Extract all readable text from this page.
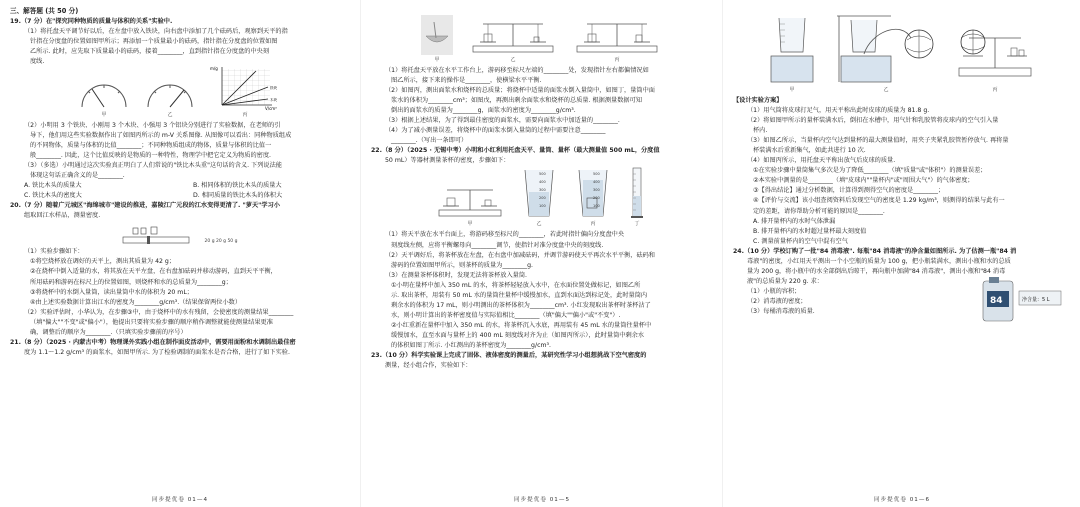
三、解答题 (共 50 分)
19.（7 分）在"探究同种物质的质量与体积的关系"实验中.
（1）将托盘天平调节好以后，在左盘中放入铁块，向右盘中添加了几个砝码后，观察到天平的指
针指在分度盘的位置如图甲所示；再添加一个质量最小的砝码，指针指在分度盘的位置如图
乙所示. 此时，应先取下质量最小的砝码，接着________，直到指针指在分度盘的中央刻
度线.
甲	乙
m/g
V/cm³
铁块
木块
丙
（2）小明用 3 个铁块、小刚用 3 个木块、小强用 3 个铝块分别进行了实验数据，在老师的引
导下，他们用这些实验数据作出了如图丙所示的 m-V 关系图像. 从图像可以看出：同种物质组成
的不同物体，质量与体积的比值________；不同种物质组成的物体，质量与体积的比值一
般________. 因此，这个比值反映的是物质的一种特性，物理学中把它定义为物质的密度.
（3）（多选）小明通过这次实验真正明白了人们常说的"铁比木头重"这句话的含义. 下列说法能
体现这句话正确含义的是________.
A. 铁比木头的质量大	B. 相同体积的铁比木头的质量大
C. 铁比木头的密度大	D. 相同质量的铁比木头的体积大
20.（7 分）随着广元城区"海绵城市"建设的推进，嘉陵江广元段的江水变得更清了. "萝天"学习小
组取回江水样品，测量密度.
20 g 20 g 50 g
（1）实验步骤如下：
①将空烧杯放在调好的天平上，测出其质量为 42 g；
②在烧杯中倒入适量的水，将其放在天平左盘，在右盘加砝码并移动游码，直到天平平衡，
所用砝码和游码在标尺上的位置如图，则烧杯和水的总质量为________g；
③将烧杯中的水倒入量筒，读出量筒中水的体积为 20 mL；
④由上述实验数据计算出江水的密度为________g/cm³.（结果保留两位小数）
（2）实验评估时，小华认为，在步骤③中，由于烧杯中的水有残留，会使密度的测量结果________
（填"偏大""不变"或"偏小"），他提出只要将实验步骤的顺序稍作调整就能使测量结果更准
确，调整后的顺序为________.（只填实验步骤前的序号）
21.（8 分）（2025 · 内蒙古中考）物理课外实践小组在制作面皮活动中，需要用面粉和水调制出最佳密
度为 1.1～1.2 g/cm³ 的面浆水，如图甲所示. 为了检验调制的面浆水是否合格，进行了如下实验.
同步提优卷 01—4
甲	乙	丙
（1）将托盘天平放在水平工作台上，游码移至标尺左端的________处，发现指针左右都偏情况如
图乙所示，接下来的操作是________，使横梁水平平衡.
（2）如图丙，测出面浆水和烧杯的总质量；将烧杯中适量的面浆水倒入量筒中，如图丁，量筒中面
浆水的体积为________cm³；如图戊，再测出剩余面浆水和烧杯的总质量. 根据测量数据可知
倒出的面浆水的质量为________g，面浆水的密度为________g/cm³.
（3）根据上述结果，为了得到最佳密度的面浆水，需要向面浆水中加适量的________.
（4）为了减小测量误差，将烧杯中的面浆水倒入量筒的过程中需要注意________
________.（写出一条即可）
22.（8 分）（2025 · 无锡中考）小明和小红利用托盘天平、量筒、量杯（最大测量值 500 mL，分度值
50 mL）等器材测量茶杯的密度，步骤如下：
甲
500
400
300
200
100
乙
500
400
300
200
100
丙	丁
（1）将天平放在水平台面上，将游码移至标尺的________，若此时指针偏向分度盘中央
刻度线左侧，应将平衡螺母向________调节，使指针对准分度盘中央的刻度线.
（2）天平调好后，将茶杯放在左盘，在右盘中加减砝码，并调节游码使天平再次水平平衡，砝码和
游码的位置如图甲所示，则茶杯的质量为________g.
（3）在测量茶杯体积时，发现无法将茶杯放入量筒.
①小明在量杯中加入 350 mL 的水，将茶杯轻轻放入水中，在水面位置处做标记，如图乙所
示. 取出茶杯，用装有 50 mL 水的量筒往量杯中缓慢加水，直到水面达到标记处，此时量筒内
剩余水的体积为 17 mL，则小明测出的茶杯体积为________cm³. 小红发现取出茶杯时茶杯沾了
水，则小明计算出的茶杯密度值与实际值相比________（填"偏大""偏小"或"不变"）.
②小红重新在量杯中加入 350 mL 的水，将茶杯沉入水底，再用装有 45 mL 水的量筒往量杯中
缓慢加水，直至水面与量杯上的 400 mL 刻度线对齐为止（如图丙所示），此时量筒中剩余水
的体积如图丁所示. 小红测出的茶杯密度为________g/cm³.
23.（10 分）科学实验课上完成了固体、液体密度的测量后，某研究性学习小组想挑战下空气密度的
测量，经小组合作，实验如下：
同步提优卷 01—5
甲	乙	丙
【设计实验方案】
（1）用气筒将皮球打足气，用天平称出此时皮球的质量为 81.8 g.
（2）将如图甲所示的量杯装满水后，倒扣在水槽中，用气针和乳胶管将皮球内的空气引入量
杯内.
（3）如图乙所示，当量杯内空气达到量杯的最大测量值时，用夹子夹紧乳胶管暂停放气. 再将量
杯装满水后重新集气，如此共进行 10 次.
（4）如图丙所示，用托盘天平称出放气后皮球的质量.
①在实验步骤中量筒集气多次是为了降低________（填"质量"或"体积"）的测量误差；
②本实验中测量的是________（填"皮球内""量杯内"或"周围大气"）的气体密度；
③【得出结论】通过分析数据，计算得到测得空气的密度是________；
④【评价与交流】该小组查阅资料后发现空气的密度是 1.29 kg/m³，则测得的结果与此有一
定的差距，请你帮助分析可能的原因是________.
A. 排开量杯内的水时气体泄漏
B. 排开量杯内的水时超过量杯最大刻度值
C. 测量前量杯内的空气中混有空气
24.（10 分）学校订购了一批"84 消毒液". 每瓶"84 消毒液"的净含量如图所示. 为了估测一瓶"84 消
毒液"的密度，小红用天平测出一个小空瓶的质量为 100 g，把小瓶装满水，测出小瓶和水的总质
量为 200 g，将小瓶中的水全部倒出后晾干，再向瓶中加满"84 消毒液"，测出小瓶和"84 消毒
液"的总质量为 220 g. 求：
（1）小瓶的容积；
（2）消毒液的密度；
（3）每桶消毒液的质量.
84	净含量：5 L
同步提优卷 01—6
